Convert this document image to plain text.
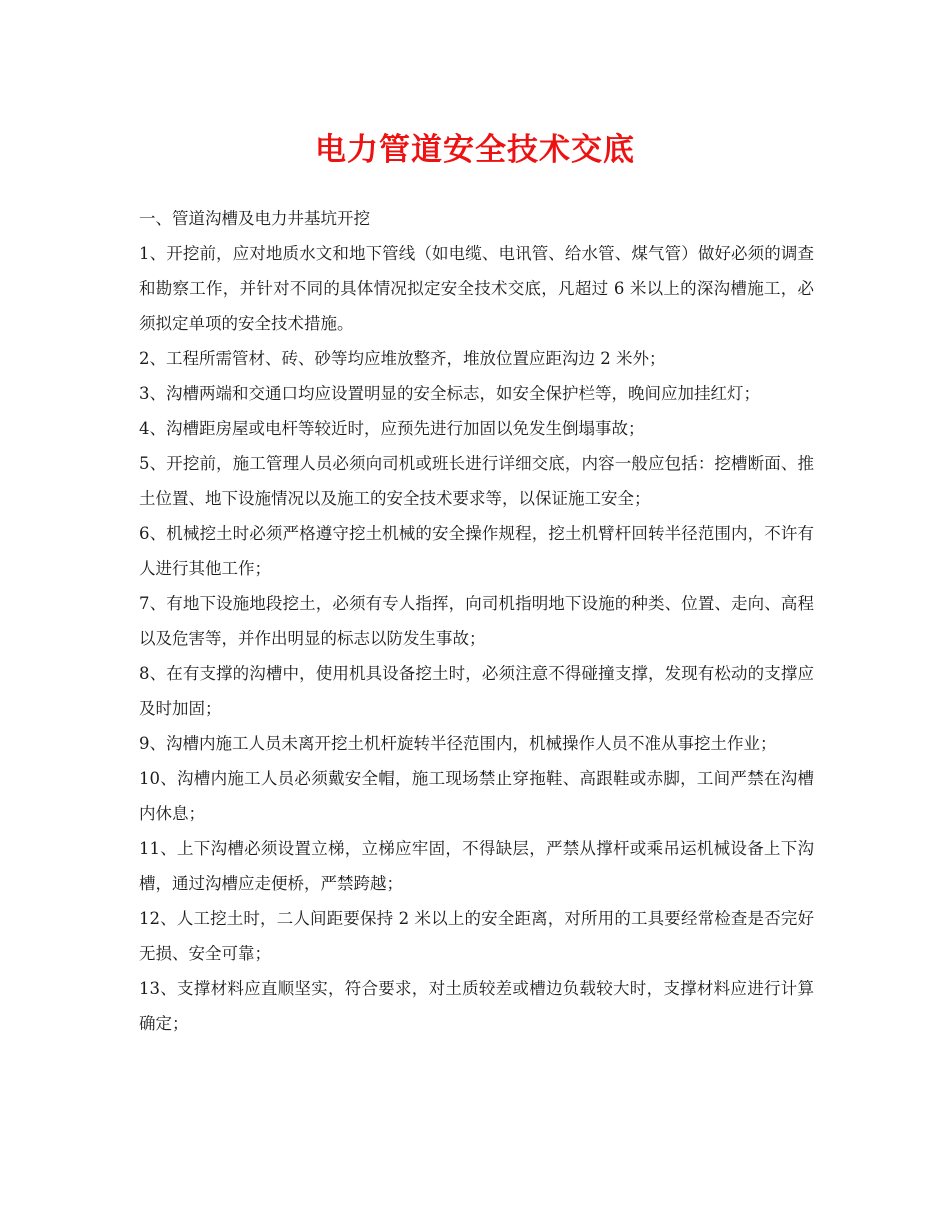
电力管道安全技术交底

一、管道沟槽及电力井基坑开挖

1、开挖前，应对地质水文和地下管线（如电缆、电讯管、给水管、煤气管）做好必须的调查和勘察工作，并针对不同的具体情况拟定安全技术交底，凡超过 6 米以上的深沟槽施工，必须拟定单项的安全技术措施。

2、工程所需管材、砖、砂等均应堆放整齐，堆放位置应距沟边 2 米外；

3、沟槽两端和交通口均应设置明显的安全标志，如安全保护栏等，晚间应加挂红灯；

4、沟槽距房屋或电杆等较近时，应预先进行加固以免发生倒塌事故；

5、开挖前，施工管理人员必须向司机或班长进行详细交底，内容一般应包括：挖槽断面、推土位置、地下设施情况以及施工的安全技术要求等，以保证施工安全；

6、机械挖土时必须严格遵守挖土机械的安全操作规程，挖土机臂杆回转半径范围内，不许有人进行其他工作；

7、有地下设施地段挖土，必须有专人指挥，向司机指明地下设施的种类、位置、走向、高程以及危害等，并作出明显的标志以防发生事故；

8、在有支撑的沟槽中，使用机具设备挖土时，必须注意不得碰撞支撑，发现有松动的支撑应及时加固；

9、沟槽内施工人员未离开挖土机杆旋转半径范围内，机械操作人员不准从事挖土作业；

10、沟槽内施工人员必须戴安全帽，施工现场禁止穿拖鞋、高跟鞋或赤脚，工间严禁在沟槽内休息；

11、上下沟槽必须设置立梯，立梯应牢固，不得缺层，严禁从撑杆或乘吊运机械设备上下沟槽，通过沟槽应走便桥，严禁跨越；

12、人工挖土时，二人间距要保持 2 米以上的安全距离，对所用的工具要经常检查是否完好无损、安全可靠；

13、支撑材料应直顺坚实，符合要求，对土质较差或槽边负载较大时，支撑材料应进行计算确定；
